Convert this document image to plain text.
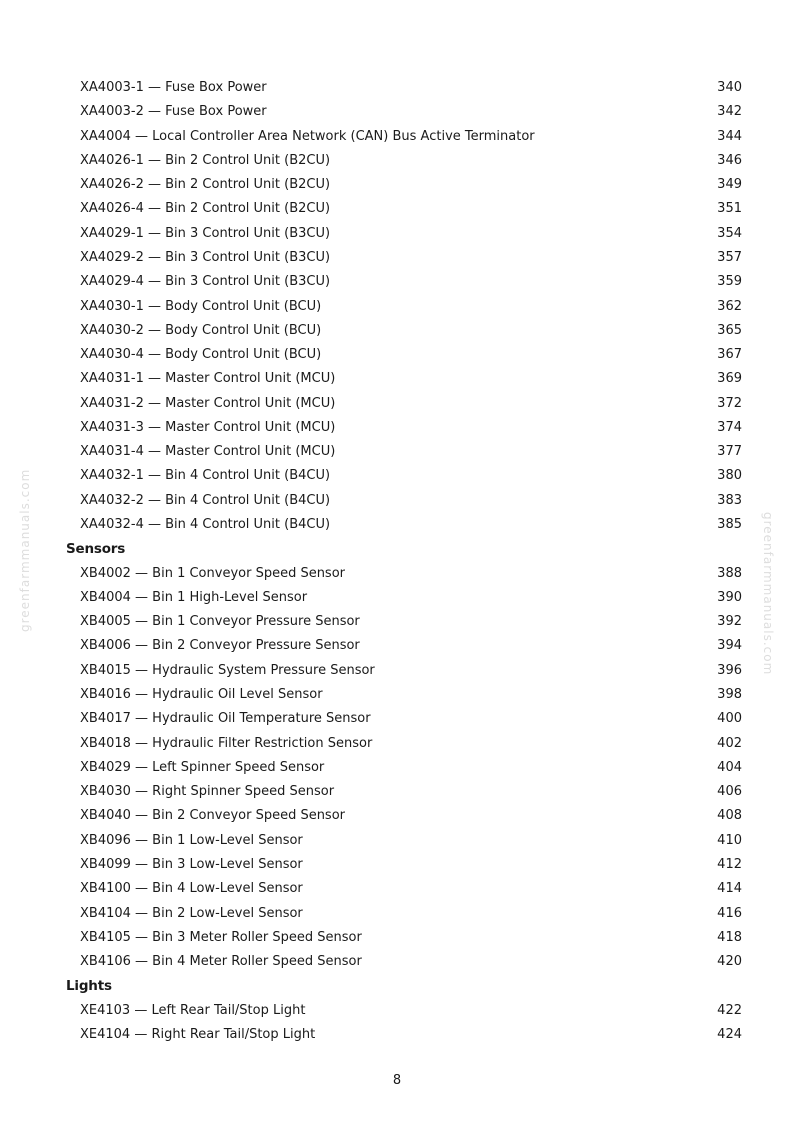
XA4003-1 — Fuse Box Power	340
XA4003-2 — Fuse Box Power	342
XA4004 — Local Controller Area Network (CAN) Bus Active Terminator	344
XA4026-1 — Bin 2 Control Unit (B2CU)	346
XA4026-2 — Bin 2 Control Unit (B2CU)	349
XA4026-4 — Bin 2 Control Unit (B2CU)	351
XA4029-1 — Bin 3 Control Unit (B3CU)	354
XA4029-2 — Bin 3 Control Unit (B3CU)	357
XA4029-4 — Bin 3 Control Unit (B3CU)	359
XA4030-1 — Body Control Unit (BCU)	362
XA4030-2 — Body Control Unit (BCU)	365
XA4030-4 — Body Control Unit (BCU)	367
XA4031-1 — Master Control Unit (MCU)	369
XA4031-2 — Master Control Unit (MCU)	372
XA4031-3 — Master Control Unit (MCU)	374
XA4031-4 — Master Control Unit (MCU)	377
XA4032-1 — Bin 4 Control Unit (B4CU)	380
XA4032-2 — Bin 4 Control Unit (B4CU)	383
XA4032-4 — Bin 4 Control Unit (B4CU)	385
Sensors
XB4002 — Bin 1 Conveyor Speed Sensor	388
XB4004 — Bin 1 High-Level Sensor	390
XB4005 — Bin 1 Conveyor Pressure Sensor	392
XB4006 — Bin 2 Conveyor Pressure Sensor	394
XB4015 — Hydraulic System Pressure Sensor	396
XB4016 — Hydraulic Oil Level Sensor	398
XB4017 — Hydraulic Oil Temperature Sensor	400
XB4018 — Hydraulic Filter Restriction Sensor	402
XB4029 — Left Spinner Speed Sensor	404
XB4030 — Right Spinner Speed Sensor	406
XB4040 — Bin 2 Conveyor Speed Sensor	408
XB4096 — Bin 1 Low-Level Sensor	410
XB4099 — Bin 3 Low-Level Sensor	412
XB4100 — Bin 4 Low-Level Sensor	414
XB4104 — Bin 2 Low-Level Sensor	416
XB4105 — Bin 3 Meter Roller Speed Sensor	418
XB4106 — Bin 4 Meter Roller Speed Sensor	420
Lights
XE4103 — Left Rear Tail/Stop Light	422
XE4104 — Right Rear Tail/Stop Light	424
greenfarmmanuals.com	greenfarmmanuals.com
8
